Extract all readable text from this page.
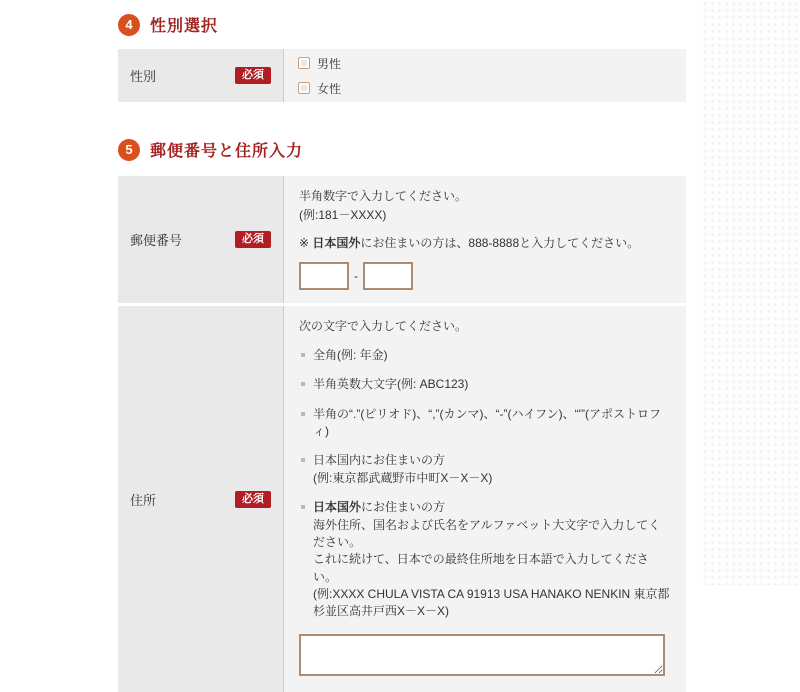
4	性別選択
性別	必須
男性
女性
5	郵便番号と住所入力
郵便番号	必須

半角数字で入力してください。

(例:181－XXXX)

※ 日本国外にお住まいの方は、888-8888と入力してください。

-
住所	必須

次の文字で入力してください。

全角(例: 年金)
半角英数大文字(例: ABC123)
半角の“.”(ピリオド)、“,”(カンマ)、“-”(ハイフン)、“'”(アポストロフィ)
日本国内にお住まいの方
(例:東京都武蔵野市中町X－X－X)
日本国外にお住まいの方
海外住所、国名および氏名をアルファベット大文字で入力してください。
これに続けて、日本での最終住所地を日本語で入力してください。
(例:XXXX CHULA VISTA CA 91913 USA HANAKO NENKIN 東京都杉並区高井戸西X－X－X)
